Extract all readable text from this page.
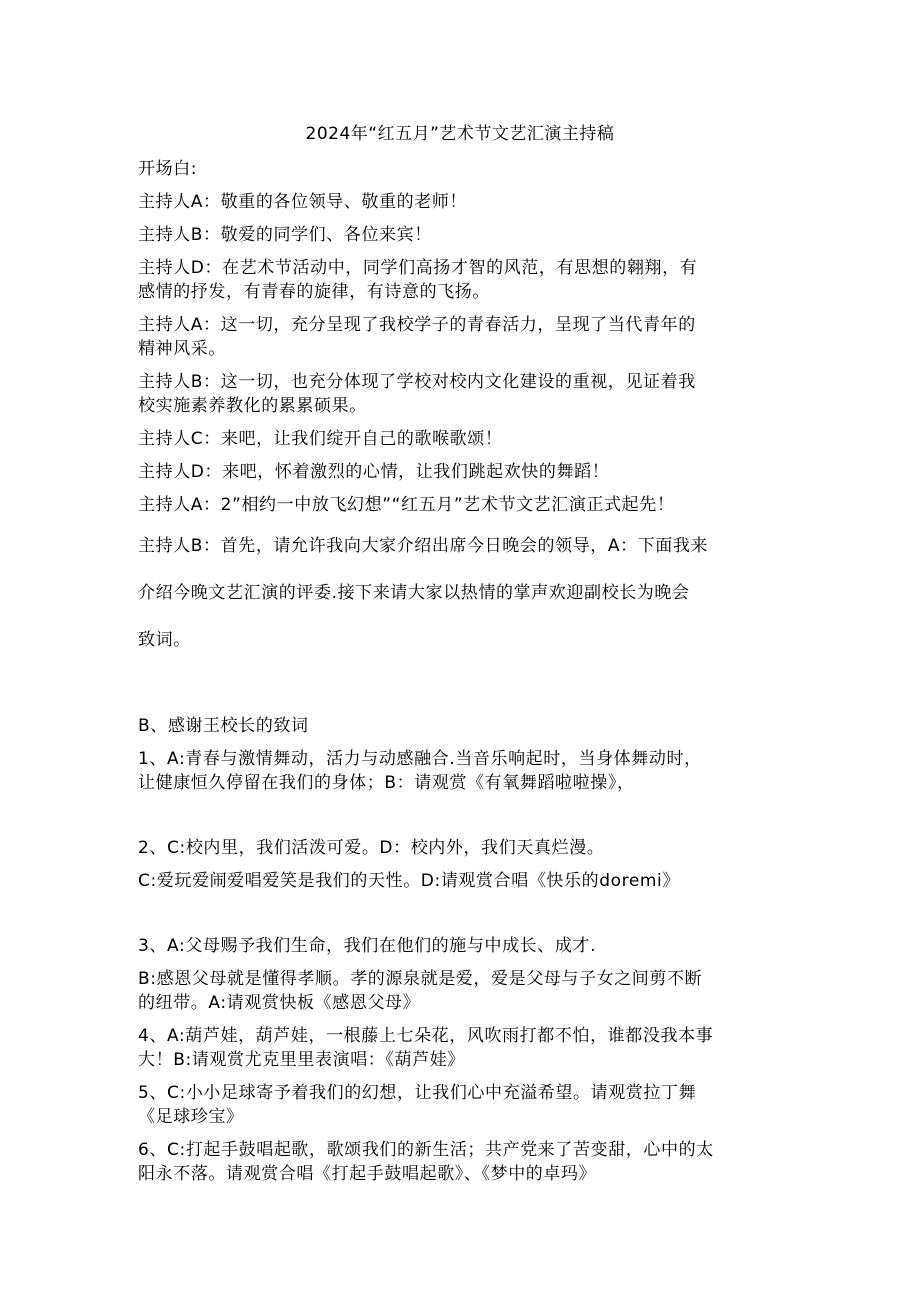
2024年“红五月”艺术节文艺汇演主持稿
开场白:
主持人A：敬重的各位领导、敬重的老师！
主持人B：敬爱的同学们、各位来宾！
主持人D：在艺术节活动中，同学们高扬才智的风范，有思想的翱翔，有
感情的抒发，有青春的旋律，有诗意的飞扬。
主持人A：这一切，充分呈现了我校学子的青春活力，呈现了当代青年的
精神风采。
主持人B：这一切，也充分体现了学校对校内文化建设的重视，见证着我
校实施素养教化的累累硕果。
主持人C：来吧，让我们绽开自己的歌喉歌颂！
主持人D：来吧，怀着激烈的心情，让我们跳起欢快的舞蹈！
主持人A：2”相约一中放飞幻想”“红五月”艺术节文艺汇演正式起先！
主持人B：首先，请允许我向大家介绍出席今日晚会的领导，A：下面我来
介绍今晚文艺汇演的评委.接下来请大家以热情的掌声欢迎副校长为晚会
致词。
B、感谢王校长的致词
1、A:青春与激情舞动，活力与动感融合.当音乐响起时，当身体舞动时，
让健康恒久停留在我们的身体；B：请观赏《有氧舞蹈啦啦操》，
2、C:校内里，我们活泼可爱。D：校内外，我们天真烂漫。
C:爱玩爱闹爱唱爱笑是我们的天性。D:请观赏合唱《快乐的doremi》
3、A:父母赐予我们生命，我们在他们的施与中成长、成才.
B:感恩父母就是懂得孝顺。孝的源泉就是爱，爱是父母与子女之间剪不断
的纽带。A:请观赏快板《感恩父母》
4、A:葫芦娃，葫芦娃，一根藤上七朵花，风吹雨打都不怕，谁都没我本事
大！B:请观赏尤克里里表演唱：《葫芦娃》
5、C:小小足球寄予着我们的幻想，让我们心中充溢希望。请观赏拉丁舞
《足球珍宝》
6、C:打起手鼓唱起歌，歌颂我们的新生活；共产党来了苦变甜，心中的太
阳永不落。请观赏合唱《打起手鼓唱起歌》、《梦中的卓玛》
